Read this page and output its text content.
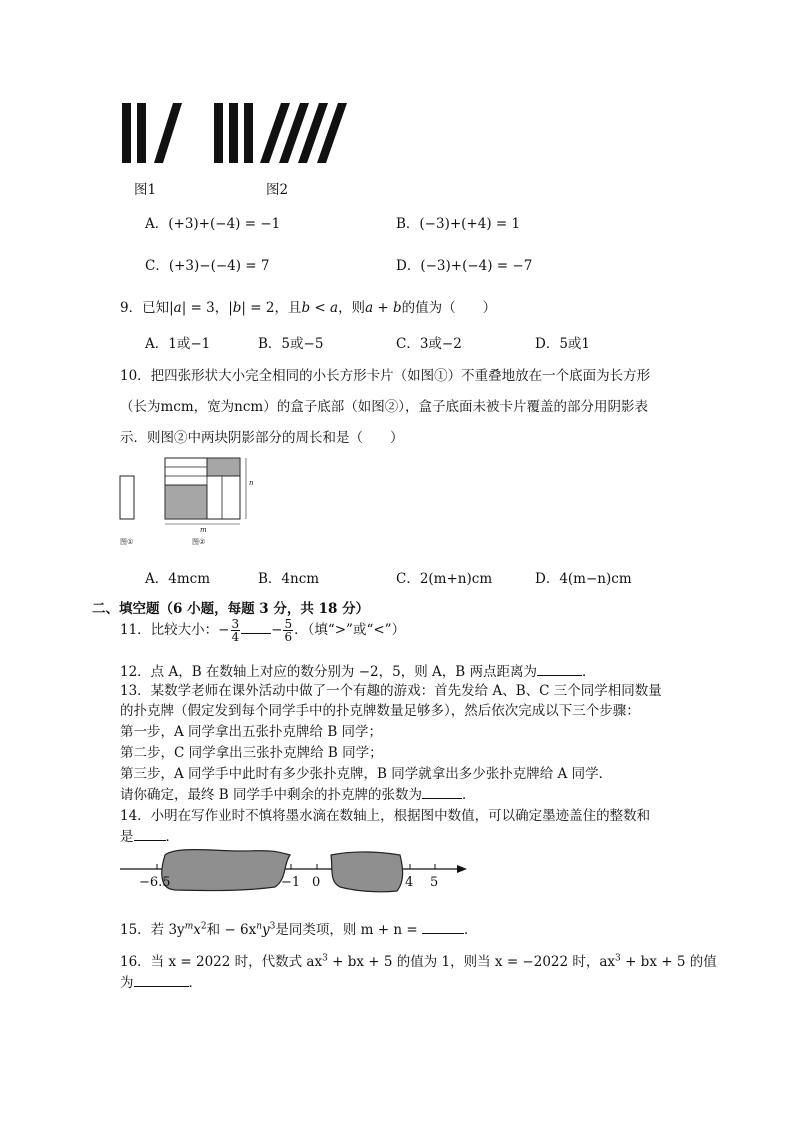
图1	图2
A．(+3)+(−4) = −1	B．(−3)+(+4) = 1
C．(+3)−(−4) = 7	D．(−3)+(−4) = −7
9．已知|a| = 3，|b| = 2，且b < a，则a + b的值为（　　）
A．1或−1	B．5或−5	C．3或−2	D．5或1
10．把四张形状大小完全相同的小长方形卡片（如图①）不重叠地放在一个底面为长方形
（长为mcm，宽为ncm）的盒子底部（如图②），盒子底面未被卡片覆盖的部分用阴影表
示．则图②中两块阴影部分的周长和是（　　）
m
n
图①	图②
A．4mcm	B．4ncm	C．2(m+n)cm	D．4(m−n)cm
二、填空题（6 小题，每题 3 分，共 18 分）
11．比较大小：− $\frac{3}{4} - \frac{5}{6}$ ．（填“>”或“<”）
12．点 A，B 在数轴上对应的数分别为 −2，5，则 A，B 两点距离为	．
13．某数学老师在课外活动中做了一个有趣的游戏：首先发给 A、B、C 三个同学相同数量
的扑克牌（假定发到每个同学手中的扑克牌数量足够多），然后依次完成以下三个步骤：
第一步，A 同学拿出五张扑克牌给 B 同学；
第二步，C 同学拿出三张扑克牌给 B 同学；
第三步，A 同学手中此时有多少张扑克牌，B 同学就拿出多少张扑克牌给 A 同学．
请你确定，最终 B 同学手中剩余的扑克牌的张数为	．
14．小明在写作业时不慎将墨水滴在数轴上，根据图中数值，可以确定墨迹盖住的整数和
是 ．
−6.5	−1 0	4 5
15．若 $3y^mx^2$和 − $6x^ny^3$是同类项，则 m + n =	．
16．当 x = 2022 时，代数式 $ax^3$ + bx + 5 的值为 1，则当 x = −2022 时，$ax^3$ + bx + 5 的值
为	．
